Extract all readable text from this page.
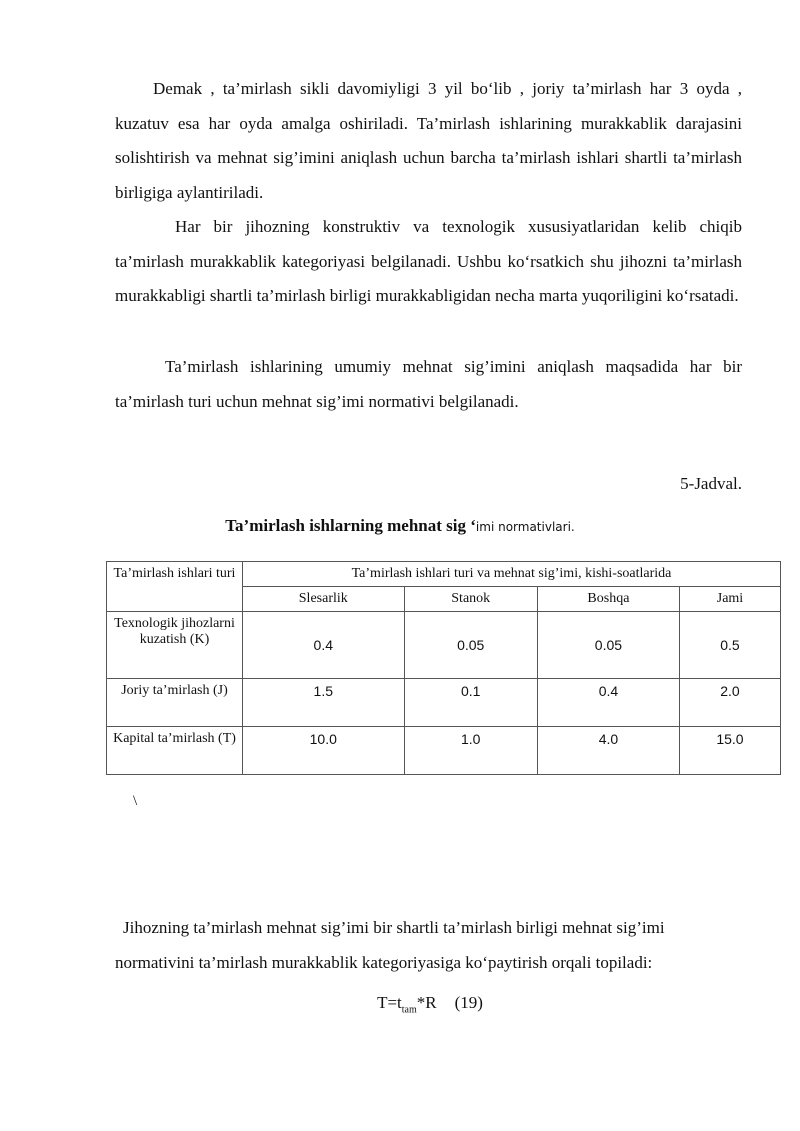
Demak , ta’mirlash sikli davomiyligi 3 yil bo‘lib , joriy ta’mirlash har 3 oyda , kuzatuv esa har oyda amalga oshiriladi. Ta’mirlash ishlarining murakkablik darajasini solishtirish va mehnat sig’imini aniqlash uchun barcha ta’mirlash ishlari shartli ta’mirlash birligiga aylantiriladi.

Har bir jihozning konstruktiv va texnologik xususiyatlaridan kelib chiqib ta’mirlash murakkablik kategoriyasi belgilanadi. Ushbu ko‘rsatkich shu jihozni ta’mirlash murakkabligi shartli ta’mirlash birligi murakkabligidan necha marta yuqoriligini ko‘rsatadi.

Ta’mirlash ishlarining umumiy mehnat sig’imini aniqlash maqsadida har bir ta’mirlash turi uchun mehnat sig’imi normativi belgilanadi.

5-Jadval.
Ta’mirlash ishlarning mehnat sig ‘imi normativlari.
Ta’mirlash ishlari turi	Ta’mirlash ishlari turi va mehnat sig’imi, kishi-soatlarida			
	Slesarlik	Stanok	Boshqa	Jami
Texnologik jihozlarni kuzatish (K)	0.4	0.05	0.05	0.5
Joriy ta’mirlash (J)	1.5	0.1	0.4	2.0
Kapital ta’mirlash (T)	10.0	1.0	4.0	15.0
\

Jihozning ta’mirlash mehnat sig’imi bir shartli ta’mirlash birligi mehnat sig’imi normativini ta’mirlash murakkablik kategoriyasiga ko‘paytirish orqali topiladi:

$T=t_{tam}*R$ (19)
